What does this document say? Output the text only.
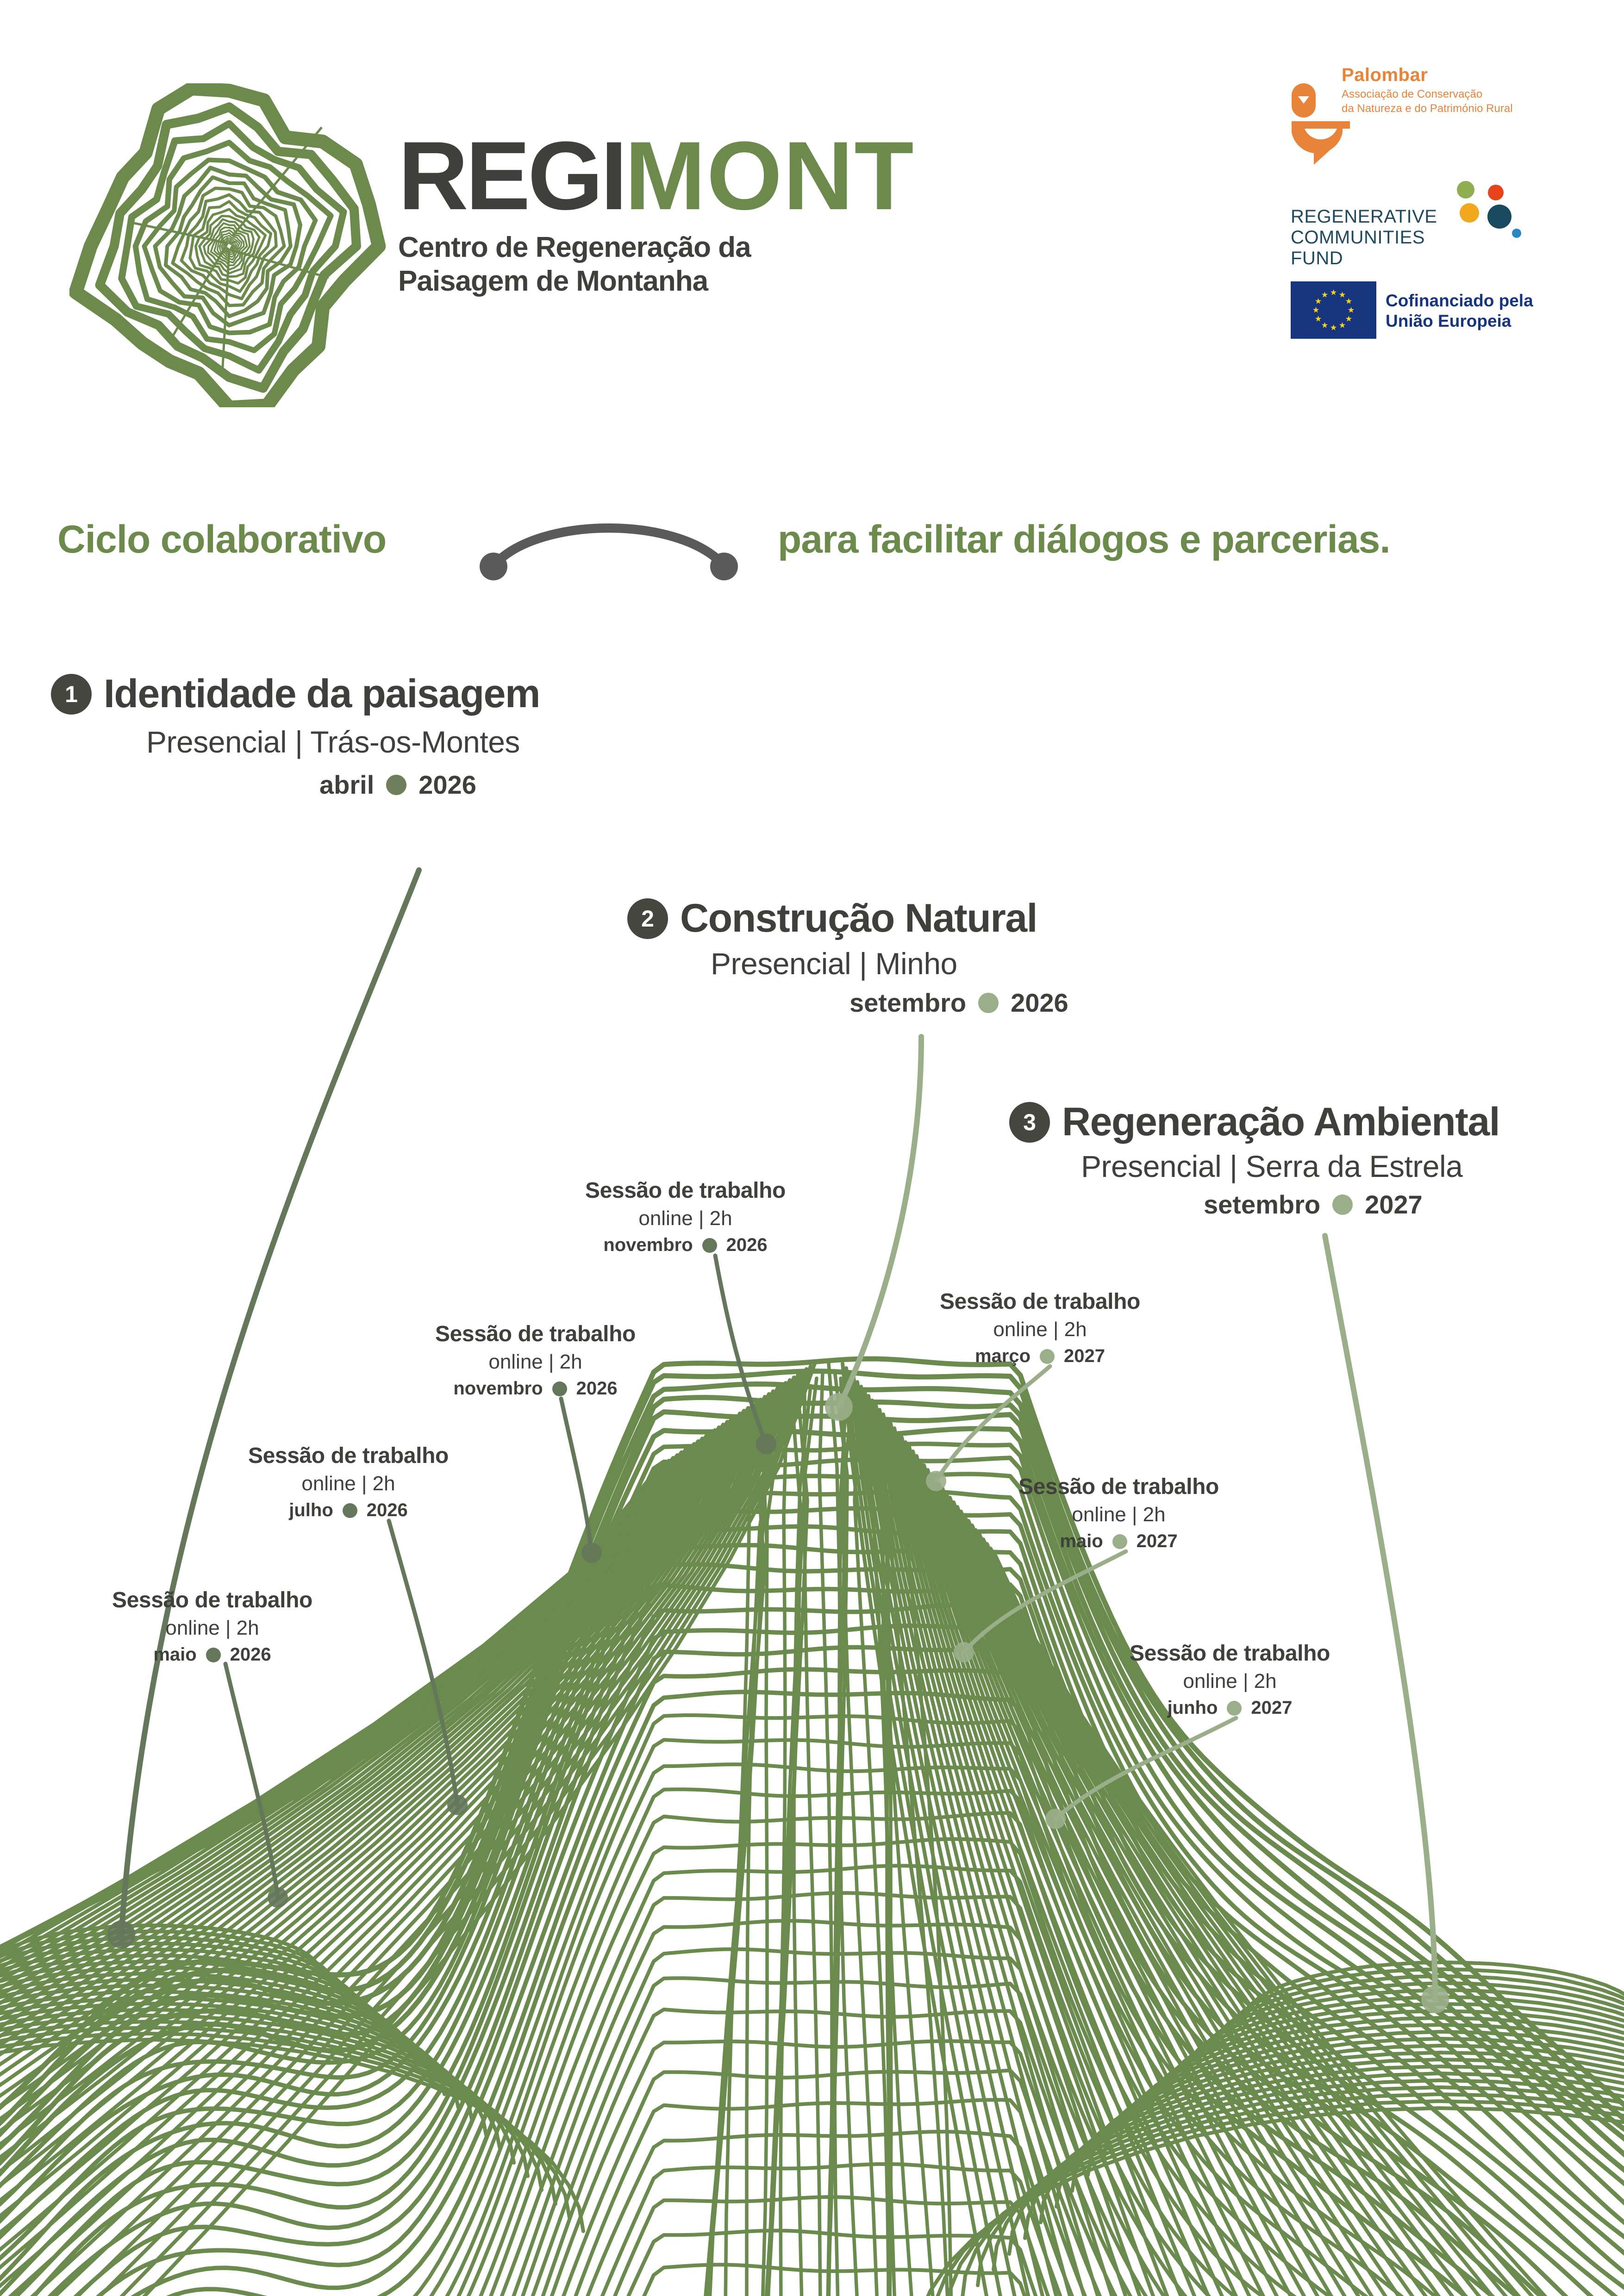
REGIMONT
Centro de Regeneração da
Paisagem de Montanha
Palombar
Associação de Conservação
da Natureza e do Património Rural
REGENERATIVE
COMMUNITIES
FUND
Cofinanciado pela
União Europeia
Ciclo colaborativo	para facilitar diálogos e parcerias.
1 Identidade da paisagem
Presencial | Trás-os-Montes
abril 2026
2 Construção Natural
Presencial | Minho
setembro 2026
3 Regeneração Ambiental
Presencial | Serra da Estrela
setembro 2027
Sessão de trabalho
online | 2h
maio 2026
Sessão de trabalho
online | 2h
julho 2026
Sessão de trabalho
online | 2h
novembro 2026
Sessão de trabalho
online | 2h
novembro 2026
Sessão de trabalho
online | 2h
março 2027
Sessão de trabalho
online | 2h
maio 2027
Sessão de trabalho
online | 2h
junho 2027
